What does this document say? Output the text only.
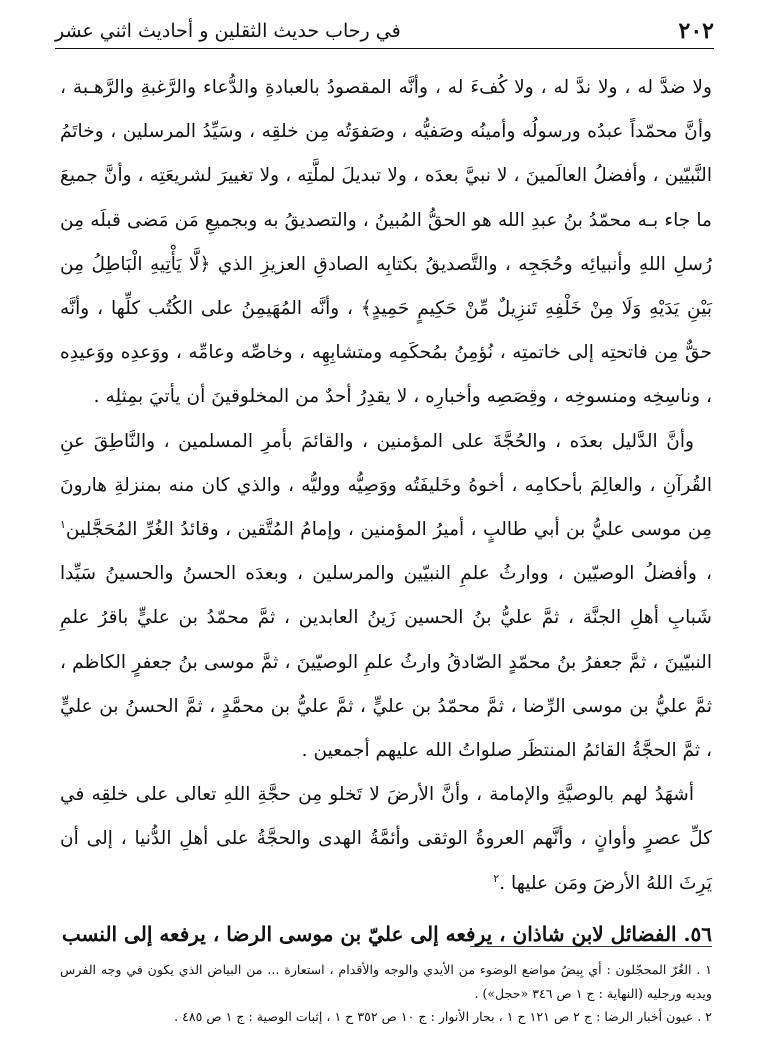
٢٠٢
في رحاب حديث الثقلين و أحاديث اثني عشر

ولا ضدَّ له ، ولا ندَّ له ، ولا كُفءَ له ، وأنَّه المقصودُ بالعبادةِ والدُّعاء والرَّغبةِ والرَّهـبة ، وأنَّ محمّداً عبدُه ورسولُه وأمينُه وصَفيُّه ، وصَفوَتُه مِن خلقِه ، وسَيِّدُ المرسلين ، وخاتَمُ النَّبيّين ، وأفضلُ العالَمينَ ، لا نبيَّ بعدَه ، ولا تبديلَ لملَّتِه ، ولا تغييرَ لشريعَتِه ، وأنَّ جميعَ ما جاء بـه محمّدُ بنُ عبدِ الله هو الحقُّ المُبينُ ، والتصديقُ به وبجميعِ مَن مَضى قبلَه مِن رُسلِ اللهِ وأنبيائِه وحُجَجِه ، والتَّصديقُ بكتابِه الصادقِ العزيزِ الذي ﴿لَّا يَأْتِيهِ الْبَاطِلُ مِن بَيْنِ يَدَيْهِ وَلَا مِنْ خَلْفِهِ تَنزِيلٌ مِّنْ حَكِيمٍ حَمِيدٍ﴾ ، وأنَّه المُهَيمِنُ على الكُتُب كلِّها ، وأنَّه حقٌّ مِن فاتحتِه إلى خاتمتِه ، نُؤمِنُ بمُحكَمِه ومتشابِهِه ، وخاصِّه وعامِّه ، ووَعدِه ووَعيدِه ، وناسِخِه ومنسوخِه ، وقِصَصِه وأخبارِه ، لا يقدِرُ أحدٌ من المخلوقينَ أن يأتيَ بمِثلِه .

وأنَّ الدَّليل بعدَه ، والحُجَّةَ على المؤمنين ، والقائمَ بأمرِ المسلمين ، والنَّاطِقَ عنِ القُرآنِ ، والعالِمَ بأحكامِه ، أخوهُ وخَليفَتُه ووَصِيُّه ووليُّه ، والذي كان منه بمنزلةِ هارونَ مِن موسى عليُّ بن أبي طالبٍ ، أميرُ المؤمنين ، وإمامُ المُتَّقين ، وقائدُ الغُرِّ المُحَجَّلين$^١$ ، وأفضلُ الوصيّين ، ووارثُ علمِ النبيّين والمرسلين ، وبعدَه الحسنُ والحسينُ سَيِّدا شَبابِ أهلِ الجنَّة ، ثمَّ عليُّ بنُ الحسين زَينُ العابدين ، ثمَّ محمّدُ بن عليٍّ باقرُ علمِ النبيّينَ ، ثمَّ جعفرُ بنُ محمّدٍ الصّادقُ وارثُ علمِ الوصيّينَ ، ثمَّ موسى بنُ جعفرٍ الكاظم ، ثمَّ عليُّ بن موسى الرِّضا ، ثمَّ محمّدُ بن عليٍّ ، ثمَّ عليُّ بن محمَّدٍ ، ثمَّ الحسنُ بن عليٍّ ، ثمَّ الحجَّةُ القائمُ المنتظَر صلواتُ الله عليهم أجمعين .

أشهَدُ لهم بالوصيَّةِ والإمامة ، وأنَّ الأرضَ لا تَخلو مِن حجَّةِ اللهِ تعالى على خلقِه في كلِّ عصرٍ وأوانٍ ، وأنَّهم العروةُ الوثقى وأئمَّةُ الهدى والحجَّةُ على أهلِ الدُّنيا ، إلى أن يَرِثَ اللهُ الأرضَ ومَن عليها .$^٢$

٥٦. الفضائل لابن شاذان ، يرفعه إلى عليّ بن موسى الرضا ، يرفعه إلى النسب

١ . الغُرّ المحجّلون : أي بِيضُ مواضع الوضوء من الأيدي والوجه والأقدام ، استعارة ... من البياض الذي يكون في وجه الفرس ويديه ورجليه (النهاية : ج ١ ص ٣٤٦ «حجل») .

٢ . عيون أخبار الرضا : ج ٢ ص ١٢١ ح ١ ، بحار الأنوار : ج ١٠ ص ٣٥٢ ح ١ ، إثبات الوصية : ج ١ ص ٤٨٥ .
